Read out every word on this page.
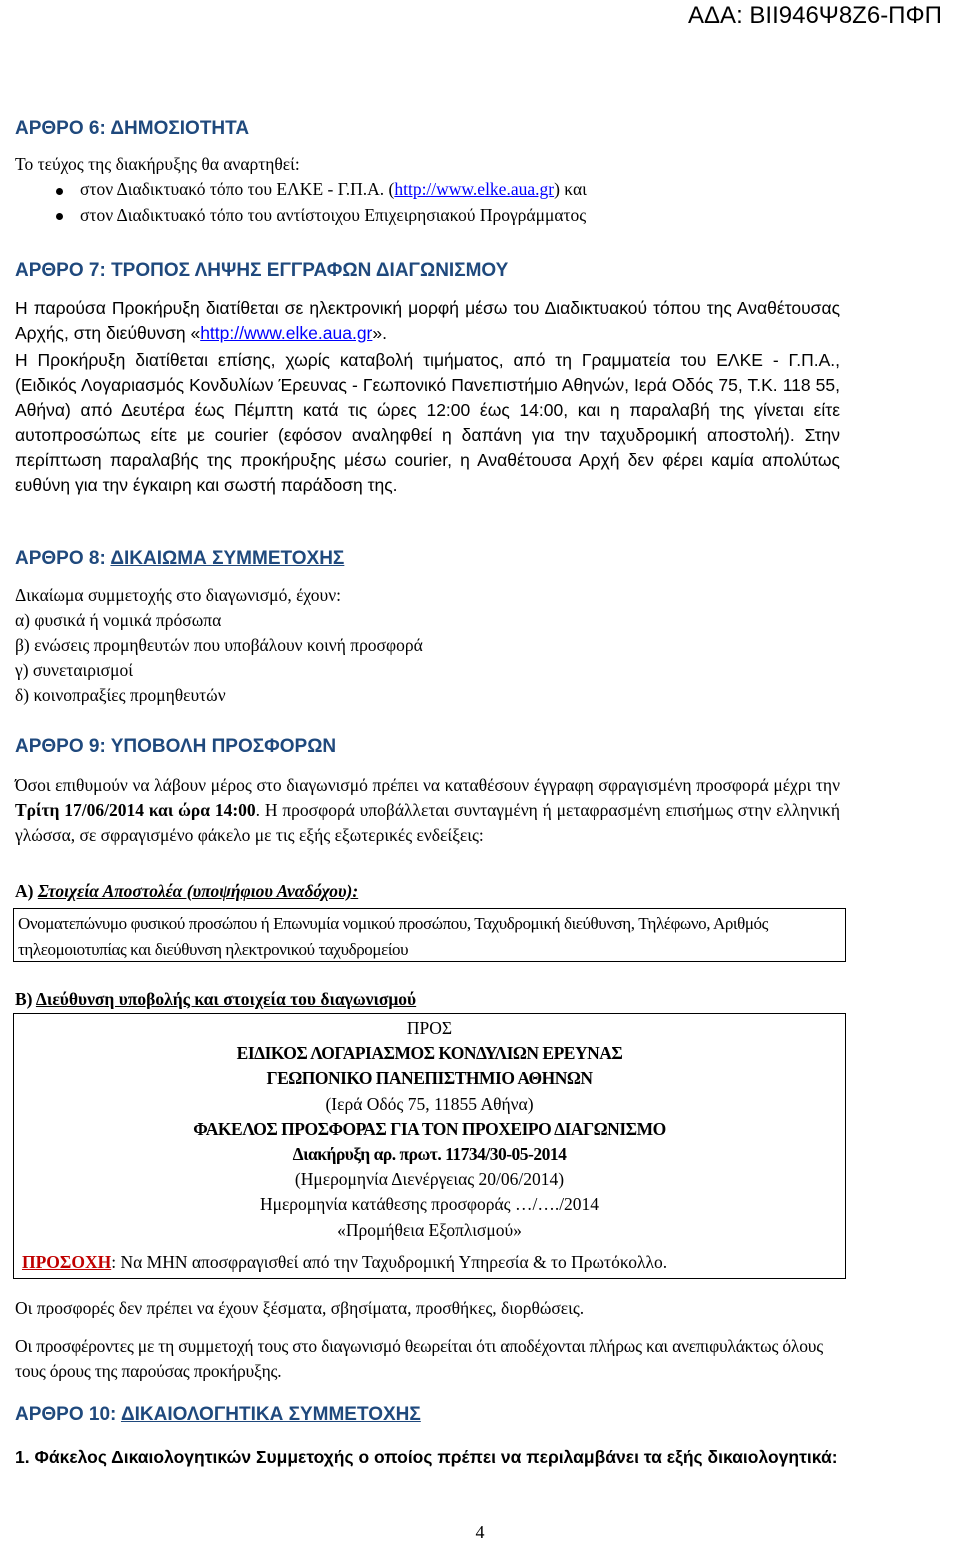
ΑΔΑ: ΒΙΙ946Ψ8Ζ6-ΠΦΠ
ΑΡΘΡΟ 6: ΔΗΜΟΣΙΟΤΗΤΑ
Το τεύχος της διακήρυξης θα αναρτηθεί:
στον Διαδικτυακό τόπο του ΕΛΚΕ - Γ.Π.Α. (http://www.elke.aua.gr) και
στον Διαδικτυακό τόπο του αντίστοιχου Επιχειρησιακού Προγράμματος
ΑΡΘΡΟ 7: ΤΡΟΠΟΣ ΛΗΨΗΣ ΕΓΓΡΑΦΩΝ ΔΙΑΓΩΝΙΣΜΟΥ
Η παρούσα Προκήρυξη διατίθεται σε ηλεκτρονική μορφή μέσω του Διαδικτυακού τόπου της Αναθέτουσας Αρχής, στη διεύθυνση «http://www.elke.aua.gr».
Η Προκήρυξη διατίθεται επίσης, χωρίς καταβολή τιμήματος, από τη Γραμματεία του ΕΛΚΕ - Γ.Π.Α., (Ειδικός Λογαριασμός Κονδυλίων Έρευνας - Γεωπονικό Πανεπιστήμιο Αθηνών, Ιερά Οδός 75, Τ.Κ. 118 55, Αθήνα) από Δευτέρα έως Πέμπτη κατά τις ώρες 12:00 έως 14:00, και η παραλαβή της γίνεται είτε αυτοπροσώπως είτε με courier (εφόσον αναληφθεί η δαπάνη για την ταχυδρομική αποστολή). Στην περίπτωση παραλαβής της προκήρυξης μέσω courier, η Αναθέτουσα Αρχή δεν φέρει καμία απολύτως ευθύνη για την έγκαιρη και σωστή παράδοση της.
ΑΡΘΡΟ 8: ΔΙΚΑΙΩΜΑ ΣΥΜΜΕΤΟΧΗΣ
Δικαίωμα συμμετοχής στο διαγωνισμό, έχουν:
α) φυσικά ή νομικά πρόσωπα
β) ενώσεις προμηθευτών που υποβάλουν κοινή προσφορά
γ) συνεταιρισμοί
δ) κοινοπραξίες προμηθευτών
ΑΡΘΡΟ 9: ΥΠΟΒΟΛΗ ΠΡΟΣΦΟΡΩΝ
Όσοι επιθυμούν να λάβουν μέρος στο διαγωνισμό πρέπει να καταθέσουν έγγραφη σφραγισμένη προσφορά μέχρι την Τρίτη 17/06/2014 και ώρα 14:00. Η προσφορά υποβάλλεται συνταγμένη ή μεταφρασμένη επισήμως στην ελληνική γλώσσα, σε σφραγισμένο φάκελο με τις εξής εξωτερικές ενδείξεις:
Α) Στοιχεία Αποστολέα (υποψήφιου Αναδόχου):
Ονοματεπώνυμο φυσικού προσώπου ή Επωνυμία νομικού προσώπου, Ταχυδρομική διεύθυνση, Τηλέφωνο, Αριθμός τηλεομοιοτυπίας και διεύθυνση ηλεκτρονικού ταχυδρομείου
Β) Διεύθυνση υποβολής και στοιχεία του διαγωνισμού
ΠΡΟΣ
ΕΙΔΙΚΟΣ ΛΟΓΑΡΙΑΣΜΟΣ ΚΟΝΔΥΛΙΩΝ ΕΡΕΥΝΑΣ
ΓΕΩΠΟΝΙΚΟ ΠΑΝΕΠΙΣΤΗΜΙΟ ΑΘΗΝΩΝ
(Ιερά Οδός 75, 11855 Αθήνα)
ΦΑΚΕΛΟΣ ΠΡΟΣΦΟΡΑΣ ΓΙΑ ΤΟΝ ΠΡΟΧΕΙΡΟ ΔΙΑΓΩΝΙΣΜΟ
Διακήρυξη αρ. πρωτ. 11734/30-05-2014
(Ημερομηνία Διενέργειας 20/06/2014)
Ημερομηνία κατάθεσης προσφοράς …/…./2014
«Προμήθεια Εξοπλισμού»
ΠΡΟΣΟΧΗ: Να ΜΗΝ αποσφραγισθεί από την Ταχυδρομική Υπηρεσία & το Πρωτόκολλο.
Οι προσφορές δεν πρέπει να έχουν ξέσματα, σβησίματα, προσθήκες, διορθώσεις.
Οι προσφέροντες με τη συμμετοχή τους στο διαγωνισμό θεωρείται ότι αποδέχονται πλήρως και ανεπιφυλάκτως όλους τους όρους της παρούσας προκήρυξης.
ΑΡΘΡΟ 10: ΔΙΚΑΙΟΛΟΓΗΤΙΚΑ ΣΥΜΜΕΤΟΧΗΣ
1. Φάκελος Δικαιολογητικών Συμμετοχής ο οποίος πρέπει να περιλαμβάνει τα εξής δικαιολογητικά:
4
